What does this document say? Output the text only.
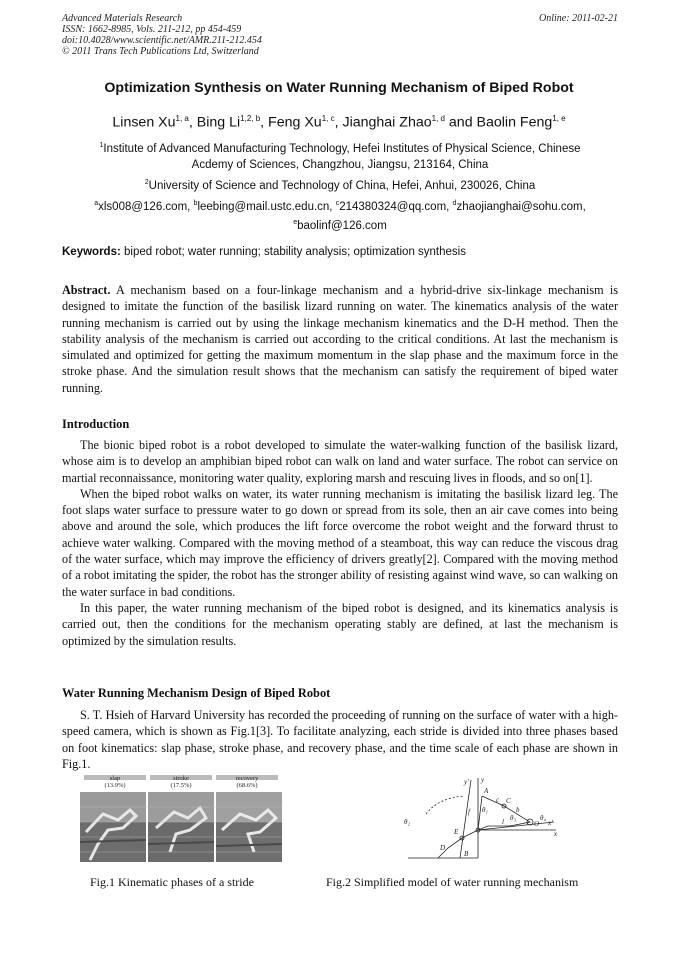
Advanced Materials Research
ISSN: 1662-8985, Vols. 211-212, pp 454-459
doi:10.4028/www.scientific.net/AMR.211-212.454
© 2011 Trans Tech Publications Ltd, Switzerland
Online: 2011-02-21
Optimization Synthesis on Water Running Mechanism of Biped Robot
Linsen Xu$^{1, a}$, Bing Li$^{1,2, b}$, Feng Xu$^{1, c}$, Jianghai Zhao$^{1, d}$ and Baolin Feng$^{1, e}$
$^1$Institute of Advanced Manufacturing Technology, Hefei Institutes of Physical Science, Chinese
Acdemy of Sciences, Changzhou, Jiangsu, 213164, China
$^2$University of Science and Technology of China, Hefei, Anhui, 230026, China
$^a$xls008@126.com, $^b$leebing@mail.ustc.edu.cn, $^c$214380324@qq.com, $^d$zhaojianghai@sohu.com,
$^e$baolinf@126.com
Keywords: biped robot; water running; stability analysis; optimization synthesis
Abstract. A mechanism based on a four-linkage mechanism and a hybrid-drive six-linkage mechanism is designed to imitate the function of the basilisk lizard running on water. The kinematics analysis of the water running mechanism is carried out by using the linkage mechanism kinematics and the D-H method. Then the stability analysis of the mechanism is carried out according to the critical conditions. At last the mechanism is simulated and optimized for getting the maximum momentum in the slap phase and the maximum force in the stroke phase. And the simulation result shows that the mechanism can satisfy the requirement of biped water running.
Introduction

The bionic biped robot is a robot developed to simulate the water-walking function of the basilisk lizard, whose aim is to develop an amphibian biped robot can walk on land and water surface. The robot can service on martial reconnaissance, monitoring water quality, exploring marsh and rescuing lives in floods, and so on[1].

When the biped robot walks on water, its water running mechanism is imitating the basilisk lizard leg. The foot slaps water surface to pressure water to go down or spread from its sole, then an air cave comes into being above and around the sole, which produces the lift force overcome the robot weight and the forward thrust to achieve water walking. Compared with the moving method of a steamboat, this way can reduce the viscous drag of the water surface, which may improve the efficiency of drivers greatly[2]. Compared with the moving method of a robot imitating the spider, the robot has the stronger ability of resisting against wind wave, so can walking on the water surface in bad conditions.

In this paper, the water running mechanism of the biped robot is designed, and its kinematics analysis is carried out, then the conditions for the mechanism operating stably are defined, at last the mechanism is optimized by the simulation results.

Water Running Mechanism Design of Biped Robot

S. T. Hsieh of Harvard University has recorded the proceeding of running on the surface of water with a high-speed camera, which is shown as Fig.1[3]. To facilitate analyzing, each stride is divided into three phases based on foot kinematics: slap phase, stroke phase, and recovery phase, and the time scale of each phase are shown in Fig.1.

slap
(13.9%)
stroke
(17.5%)
recovery
(68.6%)
Fig.1 Kinematic phases of a stride
y' y
A
C
c
b
l
f
O
θ₄
x'
x
θ₁
θ₂	θ₃
E
D
B
Fig.2 Simplified model of water running mechanism
